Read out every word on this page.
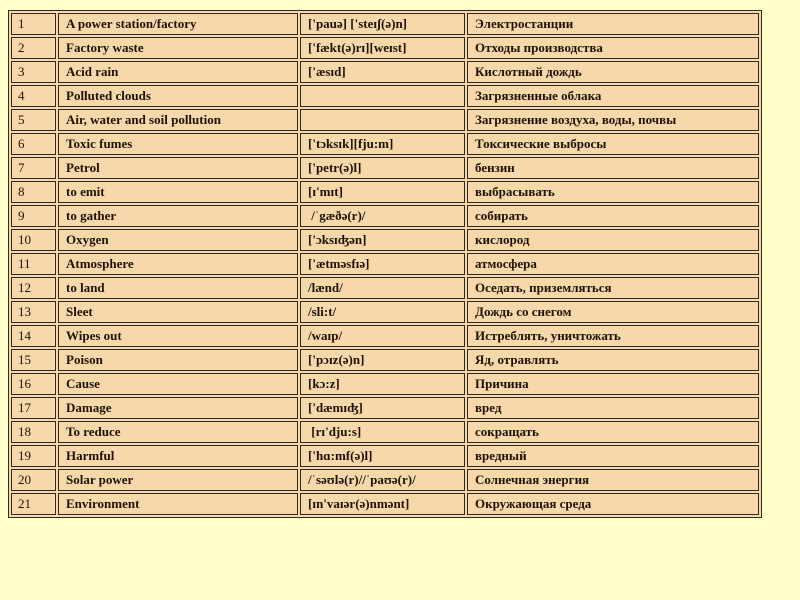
1	A power station/factory	['pauə] ['steɪʃ(ə)n]	Электростанции
2	Factory waste	['fækt(ə)rɪ][weɪst]	Отходы производства
3	Acid rain	['æsɪd]	Кислотный дождь
4	Polluted clouds		Загрязненные облака
5	Air, water and soil pollution		Загрязнение воздуха, воды, почвы
6	Toxic fumes	['tɔksɪk][fju:m]	Токсические выбросы
7	Petrol	['petr(ə)l]	бензин
8	to emit	[ɪ'mɪt]	выбрасывать
9	to gather	/ˈgæðə(r)/	собирать
10	Oxygen	['ɔksɪʤən]	кислород
11	Atmosphere	['ætməsfɪə]	атмосфера
12	to land	/lænd/	Оседать, приземляться
13	Sleet	/sli:t/	Дождь со снегом
14	Wipes out	/waɪp/	Истреблять, уничтожать
15	Poison	['pɔɪz(ə)n]	Яд, отравлять
16	Cause	[kɔ:z]	Причина
17	Damage	['dæmɪʤ]	вред
18	To reduce	[rɪ'dju:s]	сокращать
19	Harmful	['hɑ:mf(ə)l]	вредный
20	Solar power	/ˈsəʊlə(r)//ˈpaʊə(r)/	Солнечная энергия
21	Environment	[ɪn'vaɪər(ə)nmənt]	Окружающая среда
